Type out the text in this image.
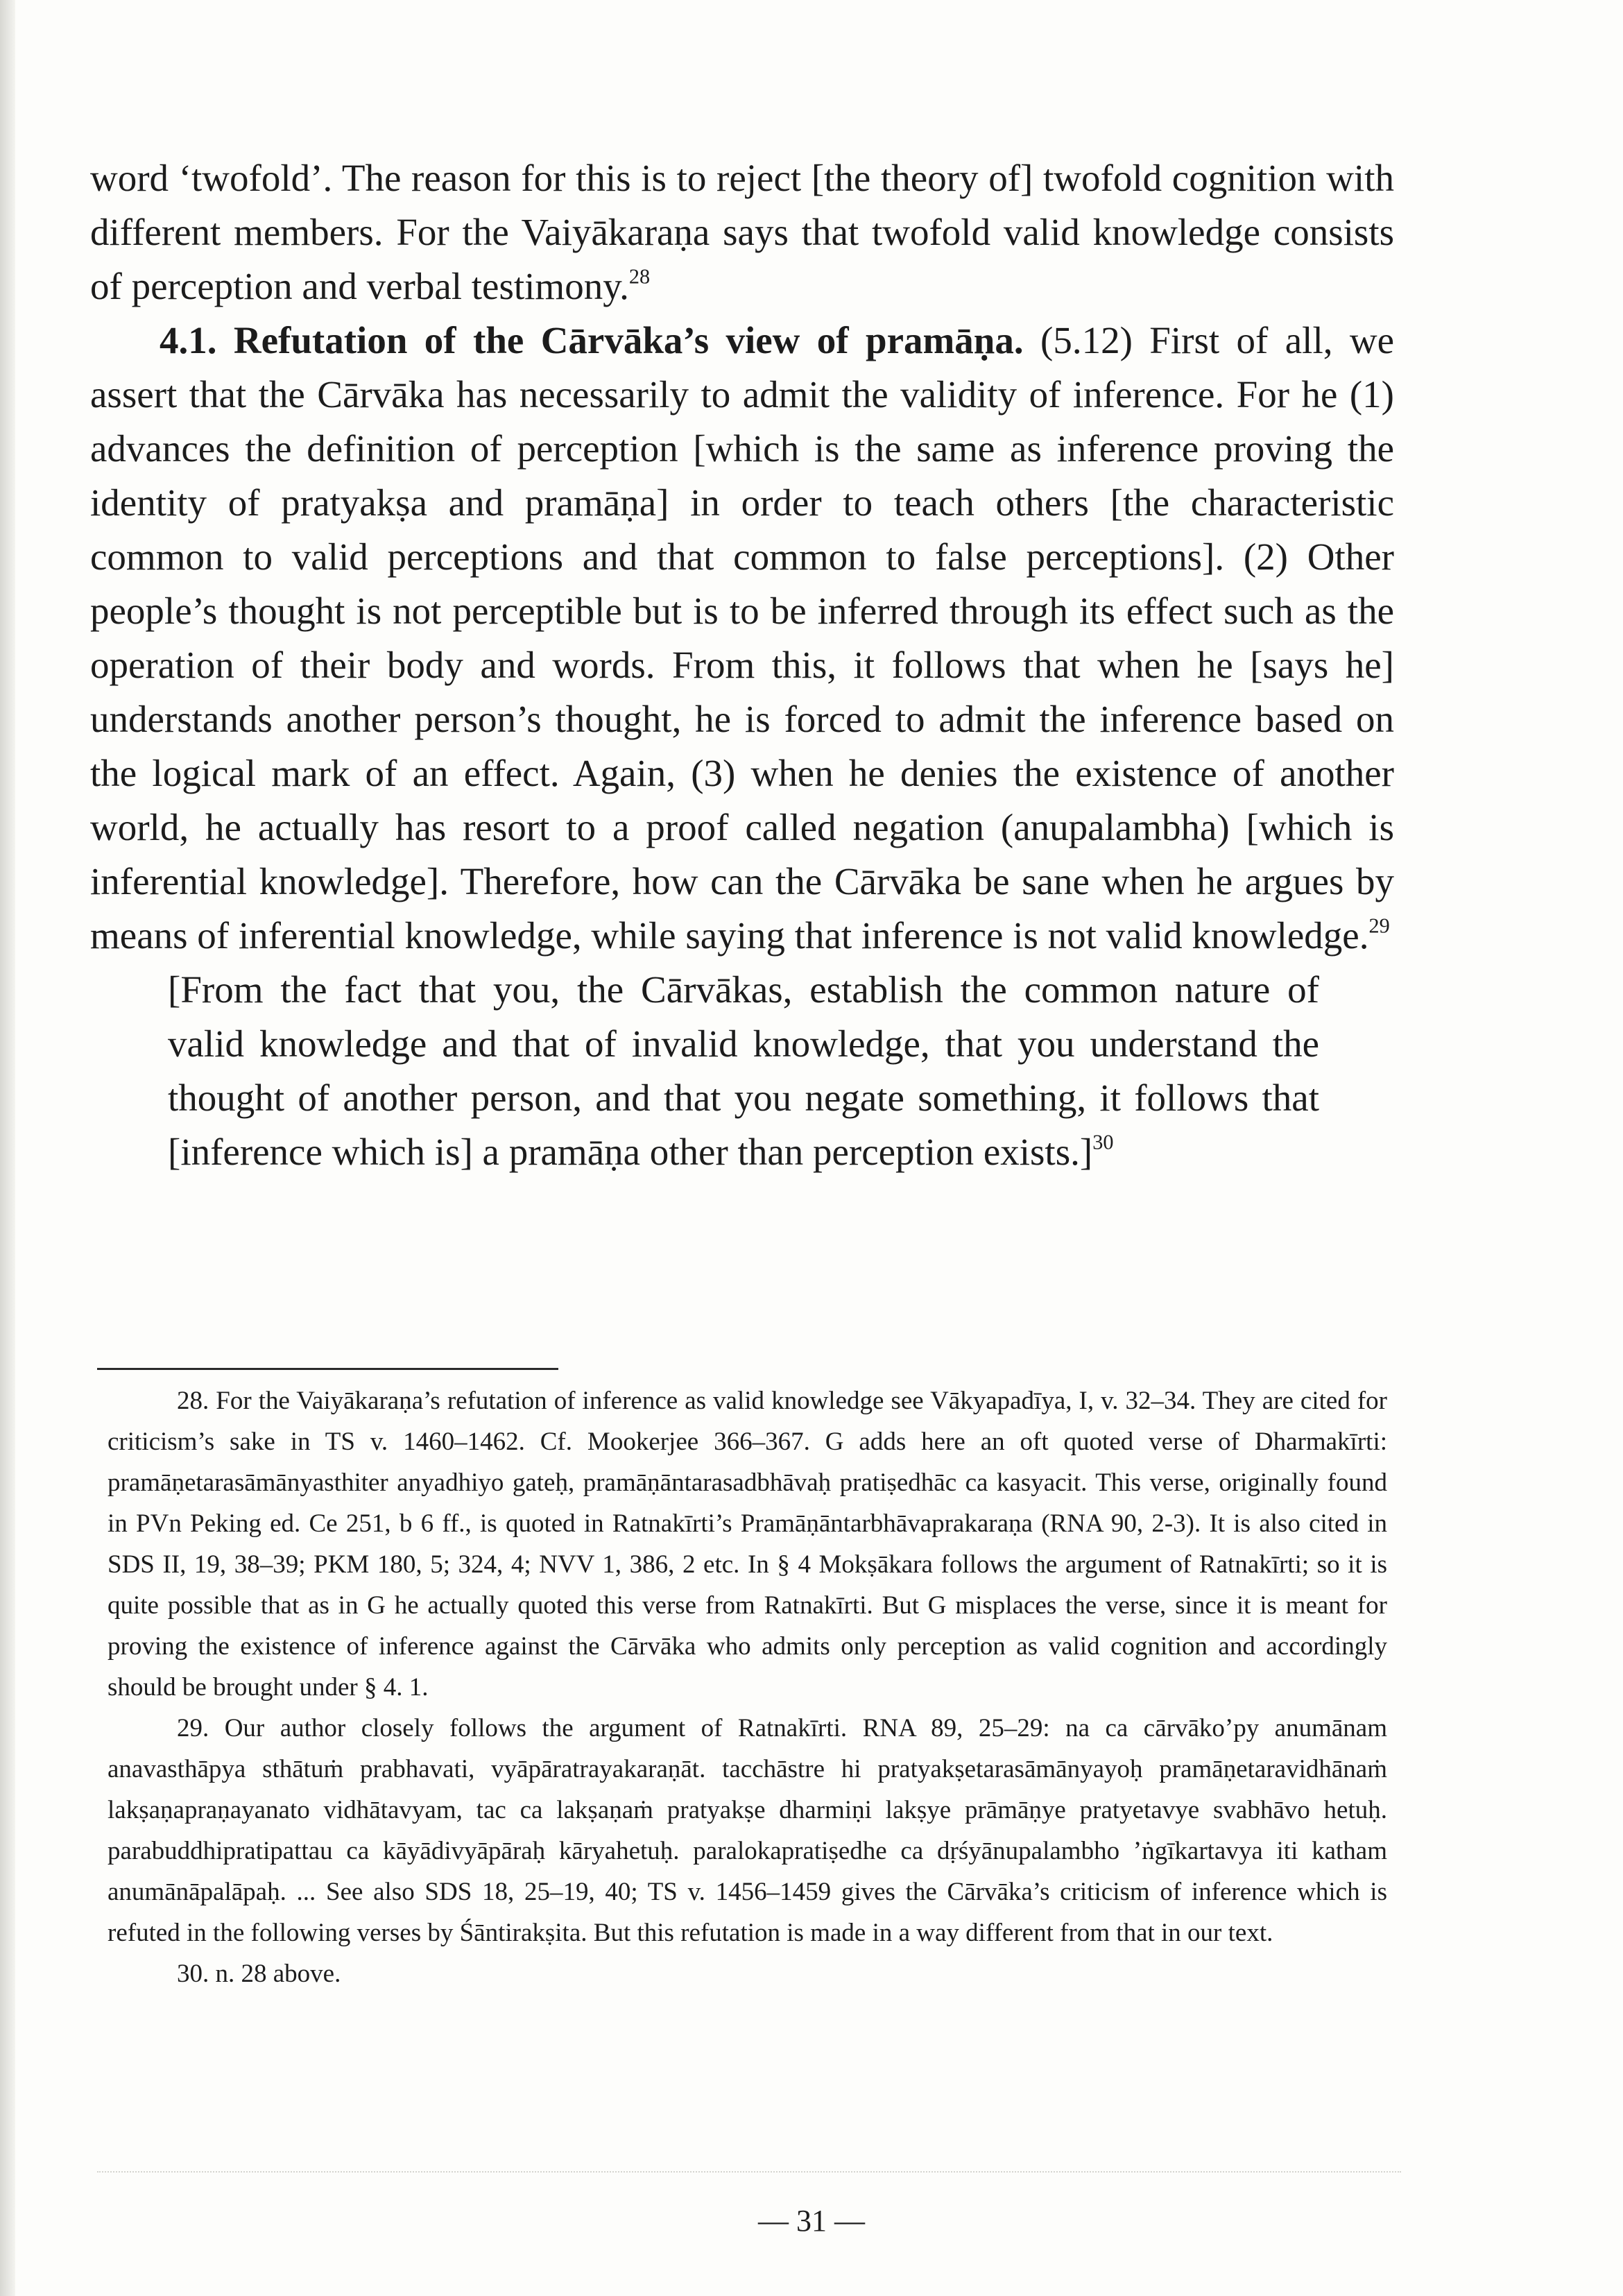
word ‘twofold’. The reason for this is to reject [the theory of] twofold cognition with different members. For the Vaiyākaraṇa says that twofold valid knowledge consists of perception and verbal testimony.$^{28}$

4.1. Refutation of the Cārvāka’s view of pramāṇa. (5.12) First of all, we assert that the Cārvāka has necessarily to admit the validity of inference. For he (1) advances the definition of perception [which is the same as inference proving the identity of pratyakṣa and pramāṇa] in order to teach others [the characteristic common to valid perceptions and that common to false perceptions]. (2) Other people’s thought is not perceptible but is to be inferred through its effect such as the operation of their body and words. From this, it follows that when he [says he] understands another person’s thought, he is forced to admit the inference based on the logical mark of an effect. Again, (3) when he denies the existence of another world, he actually has resort to a proof called negation (anupalambha) [which is inferential knowledge]. Therefore, how can the Cārvāka be sane when he argues by means of inferential knowledge, while saying that inference is not valid knowledge.$^{29}$

[From the fact that you, the Cārvākas, establish the common nature of valid knowledge and that of invalid knowledge, that you understand the thought of another person, and that you negate something, it follows that [inference which is] a pramāṇa other than perception exists.]$^{30}$

28. For the Vaiyākaraṇa’s refutation of inference as valid knowledge see Vākyapadīya, I, v. 32–34. They are cited for criticism’s sake in TS v. 1460–1462. Cf. Mookerjee 366–367. G adds here an oft quoted verse of Dharmakīrti: pramāṇetarasāmānyasthiter anyadhiyo gateḥ, pramāṇāntarasadbhāvaḥ pratiṣedhāc ca kasyacit. This verse, originally found in PVn Peking ed. Ce 251, b 6 ff., is quoted in Ratnakīrti’s Pramāṇāntarbhāvaprakaraṇa (RNA 90, 2-3). It is also cited in SDS II, 19, 38–39; PKM 180, 5; 324, 4; NVV 1, 386, 2 etc. In § 4 Mokṣākara follows the argument of Ratnakīrti; so it is quite possible that as in G he actually quoted this verse from Ratnakīrti. But G misplaces the verse, since it is meant for proving the existence of inference against the Cārvāka who admits only perception as valid cognition and accordingly should be brought under § 4. 1.

29. Our author closely follows the argument of Ratnakīrti. RNA 89, 25–29: na ca cārvāko’py anumānam anavasthāpya sthātuṁ prabhavati, vyāpāratrayakaraṇāt. tacchāstre hi pratyakṣetarasāmānyayoḥ pramāṇetaravidhānaṁ lakṣaṇapraṇayanato vidhātavyam, tac ca lakṣaṇaṁ pratyakṣe dharmiṇi lakṣye prāmāṇye pratyetavye svabhāvo hetuḥ. parabuddhipratipattau ca kāyādivyāpāraḥ kāryahetuḥ. paralokapratiṣedhe ca dṛśyānupalambho ’ṅgīkartavya iti katham anumānāpalāpaḥ. ... See also SDS 18, 25–19, 40; TS v. 1456–1459 gives the Cārvāka’s criticism of inference which is refuted in the following verses by Śāntirakṣita. But this refutation is made in a way different from that in our text.

30. n. 28 above.

— 31 —
